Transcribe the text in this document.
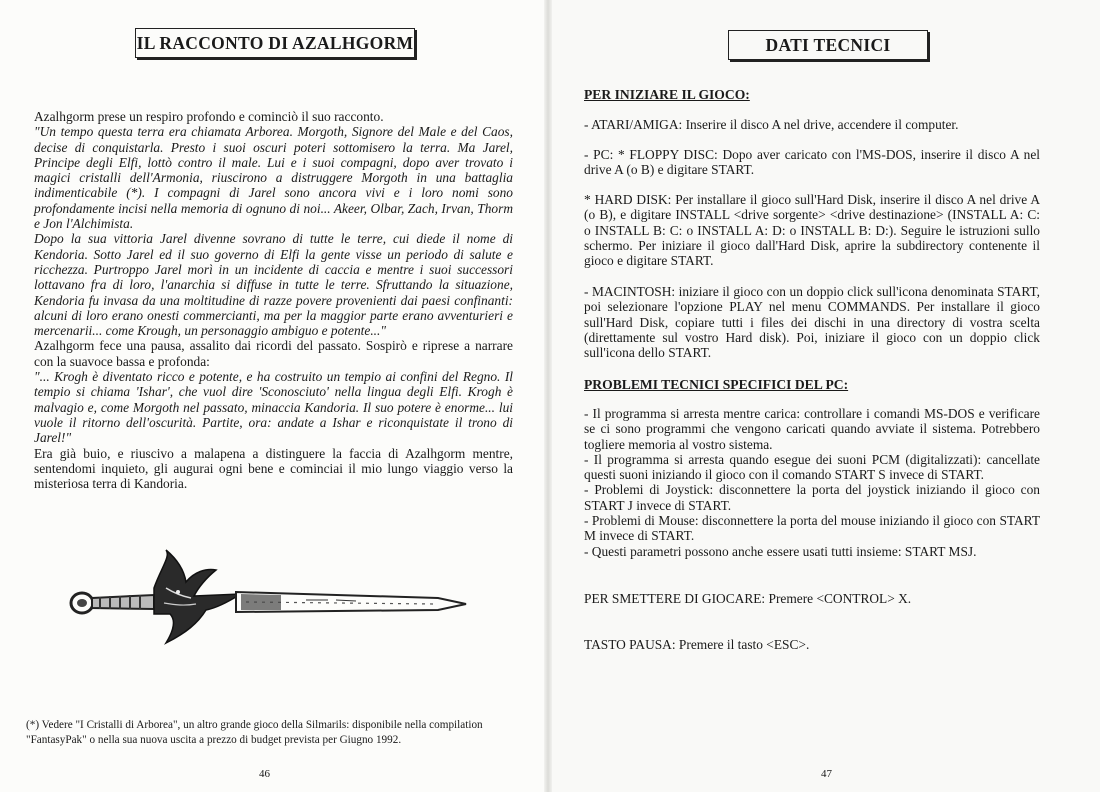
IL RACCONTO DI AZALHGORM

Azalhgorm prese un respiro profondo e cominciò il suo racconto.

"Un tempo questa terra era chiamata Arborea. Morgoth, Signore del Male e del Caos, decise di conquistarla. Presto i suoi oscuri poteri sottomisero la terra. Ma Jarel, Principe degli Elfi, lottò contro il male. Lui e i suoi compagni, dopo aver trovato i magici cristalli dell'Armonia, riuscirono a distruggere Morgoth in una battaglia indimenticabile (*). I compagni di Jarel sono ancora vivi e i loro nomi sono profondamente incisi nella memoria di ognuno di noi... Akeer, Olbar, Zach, Irvan, Thorm e Jon l'Alchimista.

Dopo la sua vittoria Jarel divenne sovrano di tutte le terre, cui diede il nome di Kendoria. Sotto Jarel ed il suo governo di Elfi la gente visse un periodo di salute e ricchezza. Purtroppo Jarel morì in un incidente di caccia e mentre i suoi successori lottavano fra di loro, l'anarchia si diffuse in tutte le terre. Sfruttando la situazione, Kendoria fu invasa da una moltitudine di razze povere provenienti dai paesi confinanti: alcuni di loro erano onesti commercianti, ma per la maggior parte erano avventurieri e mercenarii... come Krough, un personaggio ambiguo e potente..."

Azalhgorm fece una pausa, assalito dai ricordi del passato. Sospirò e riprese a narrare con la suavoce bassa e profonda:

"... Krogh è diventato ricco e potente, e ha costruito un tempio ai confini del Regno. Il tempio si chiama 'Ishar', che vuol dire 'Sconosciuto' nella lingua degli Elfi. Krogh è malvagio e, come Morgoth nel passato, minaccia Kandoria. Il suo potere è enorme... lui vuole il ritorno dell'oscurità. Partite, ora: andate a Ishar e riconquistate il trono di Jarel!"

Era già buio, e riuscivo a malapena a distinguere la faccia di Azalhgorm mentre, sentendomi inquieto, gli augurai ogni bene e cominciai il mio lungo viaggio verso la misteriosa terra di Kandoria.

(*) Vedere "I Cristalli di Arborea", un altro grande gioco della Silmarils: disponibile nella compilation "FantasyPak" o nella sua nuova uscita a prezzo di budget prevista per Giugno 1992.

46
DATI TECNICI
PER INIZIARE IL GIOCO:

- ATARI/AMIGA: Inserire il disco A nel drive, accendere il computer.

- PC: * FLOPPY DISC: Dopo aver caricato con l'MS-DOS, inserire il disco A nel drive A (o B) e digitare START.

* HARD DISK: Per installare il gioco sull'Hard Disk, inserire il disco A nel drive A (o B), e digitare INSTALL <drive sorgente> <drive destinazione> (INSTALL A: C: o INSTALL B: C: o INSTALL A: D: o INSTALL B: D:). Seguire le istruzioni sullo schermo. Per iniziare il gioco dall'Hard Disk, aprire la subdirectory contenente il gioco e digitare START.

- MACINTOSH: iniziare il gioco con un doppio click sull'icona denominata START, poi selezionare l'opzione PLAY nel menu COMMANDS. Per installare il gioco sull'Hard Disk, copiare tutti i files dei dischi in una directory di vostra scelta (direttamente sul vostro Hard disk). Poi, iniziare il gioco con un doppio click sull'icona dello START.

PROBLEMI TECNICI SPECIFICI DEL PC:
- Il programma si arresta mentre carica: controllare i comandi MS-DOS e verificare se ci sono programmi che vengono caricati quando avviate il sistema. Potrebbero togliere memoria al vostro sistema.
- Il programma si arresta quando esegue dei suoni PCM (digitalizzati): cancellate questi suoni iniziando il gioco con il comando START S invece di START.
- Problemi di Joystick: disconnettere la porta del joystick iniziando il gioco con START J invece di START.
- Problemi di Mouse: disconnettere la porta del mouse iniziando il gioco con START M invece di START.
- Questi parametri possono anche essere usati tutti insieme: START MSJ.

PER SMETTERE DI GIOCARE: Premere <CONTROL> X.

TASTO PAUSA: Premere il tasto <ESC>.

47
